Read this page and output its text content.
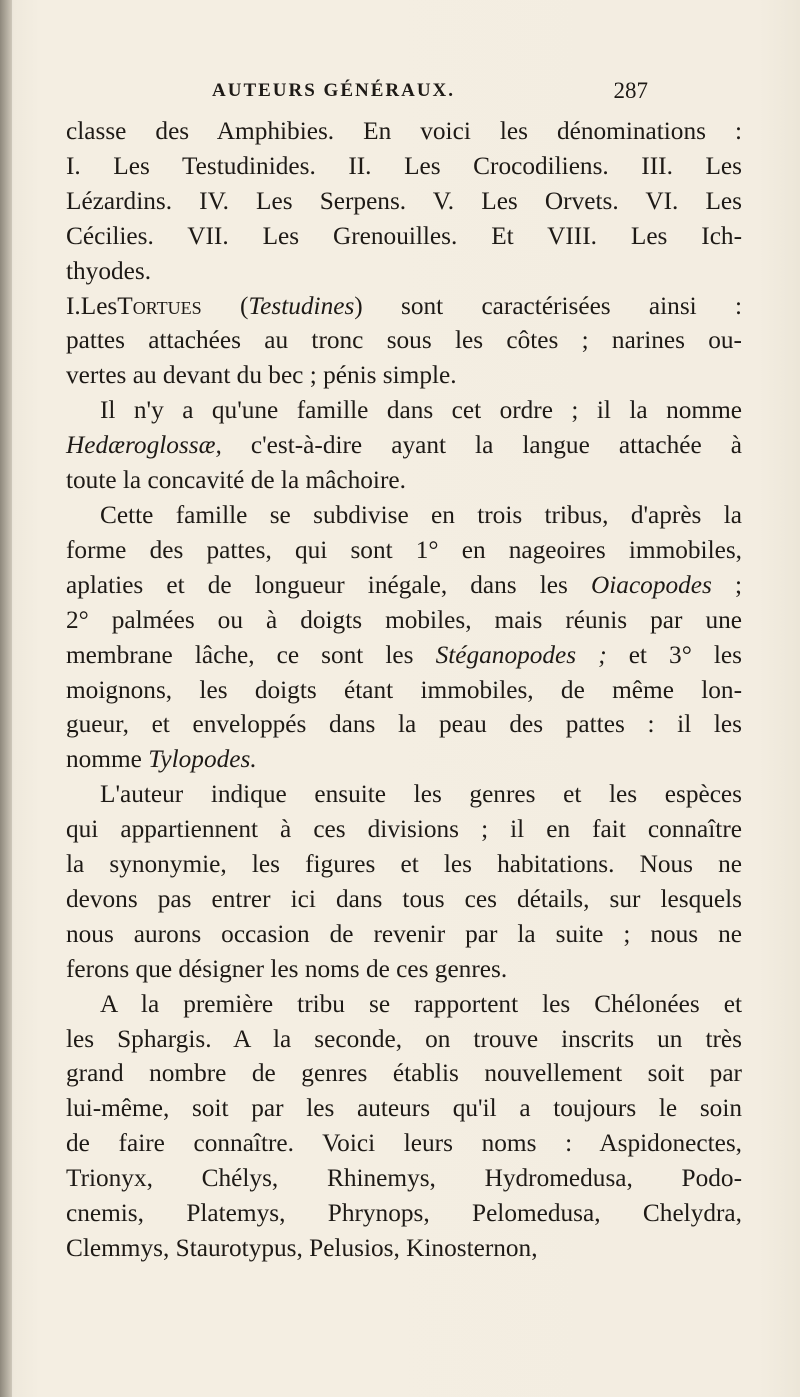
AUTEURS GÉNÉRAUX.	287
classe des Amphibies. En voici les dénominations :
I. Les Testudinides. II. Les Crocodiliens. III. Les
Lézardins. IV. Les Serpens. V. Les Orvets. VI. Les
Cécilies. VII. Les Grenouilles. Et VIII. Les Ich-
thyodes.
I.LesTortues (Testudines) sont caractérisées ainsi :
pattes attachées au tronc sous les côtes ; narines ou-
vertes au devant du bec ; pénis simple.
Il n'y a qu'une famille dans cet ordre ; il la nomme
Hedæroglossæ, c'est-à-dire ayant la langue attachée à
toute la concavité de la mâchoire.
Cette famille se subdivise en trois tribus, d'après la
forme des pattes, qui sont 1° en nageoires immobiles,
aplaties et de longueur inégale, dans les Oiacopodes ;
2° palmées ou à doigts mobiles, mais réunis par une
membrane lâche, ce sont les Stéganopodes ; et 3° les
moignons, les doigts étant immobiles, de même lon-
gueur, et enveloppés dans la peau des pattes : il les
nomme Tylopodes.
L'auteur indique ensuite les genres et les espèces
qui appartiennent à ces divisions ; il en fait connaître
la synonymie, les figures et les habitations. Nous ne
devons pas entrer ici dans tous ces détails, sur lesquels
nous aurons occasion de revenir par la suite ; nous ne
ferons que désigner les noms de ces genres.
A la première tribu se rapportent les Chélonées et
les Sphargis. A la seconde, on trouve inscrits un très
grand nombre de genres établis nouvellement soit par
lui-même, soit par les auteurs qu'il a toujours le soin
de faire connaître. Voici leurs noms : Aspidonectes,
Trionyx, Chélys, Rhinemys, Hydromedusa, Podo-
cnemis, Platemys, Phrynops, Pelomedusa, Chelydra,
Clemmys, Staurotypus, Pelusios, Kinosternon,
